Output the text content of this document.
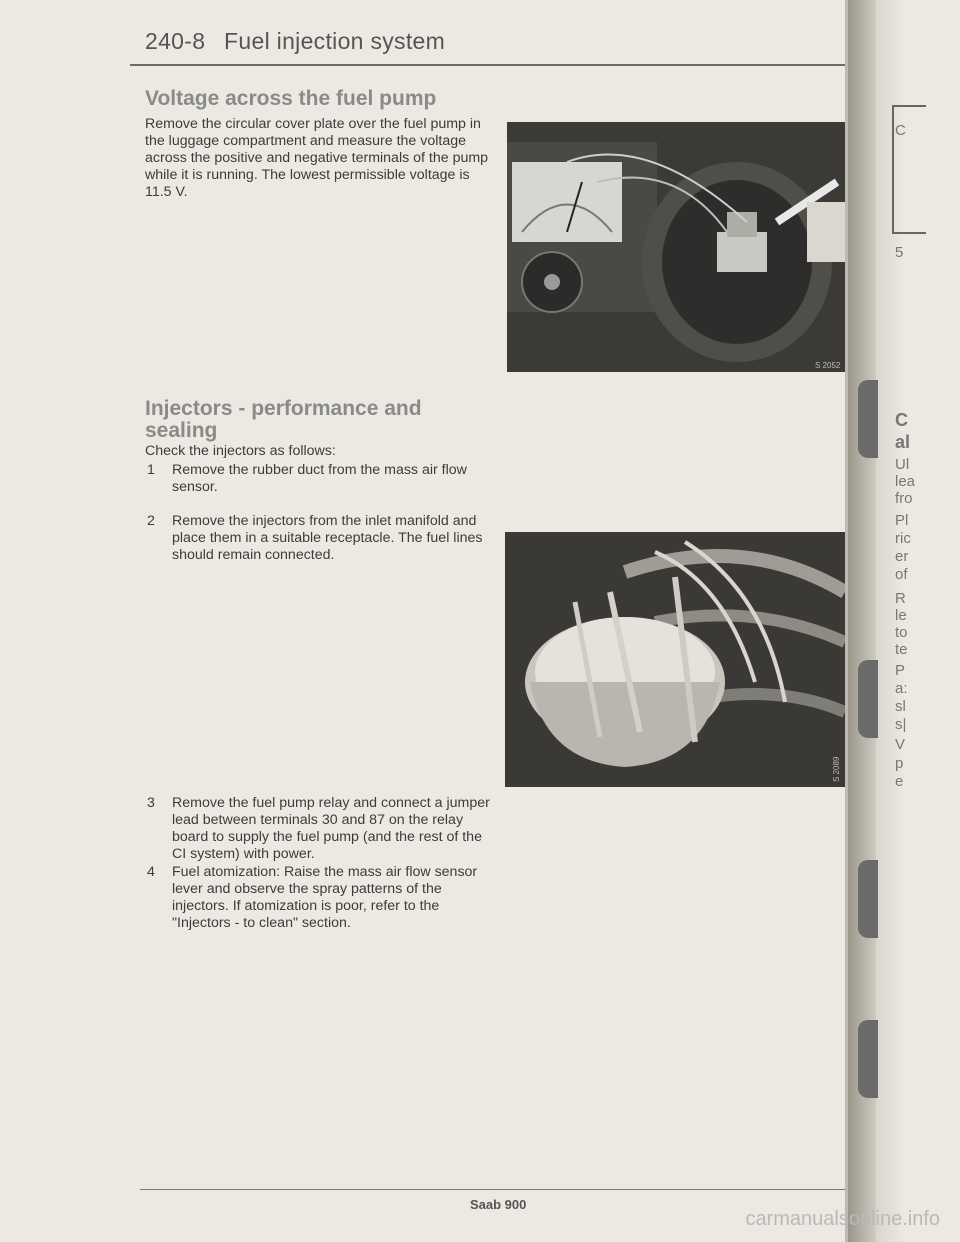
240-8 Fuel injection system
Voltage across the fuel pump
Remove the circular cover plate over the fuel pump in the luggage compartment and measure the voltage across the positive and negative terminals of the pump while it is running. The lowest permissible voltage is 11.5 V.
S 2052
Injectors - performance and
sealing
Check the injectors as follows:
1	Remove the rubber duct from the mass air flow sensor.
2	Remove the injectors from the inlet manifold and place them in a suitable receptacle. The fuel lines should remain connected.
S 2089
3	Remove the fuel pump relay and connect a jumper lead between terminals 30 and 87 on the relay board to supply the fuel pump (and the rest of the CI system) with power.
4	Fuel atomization: Raise the mass air flow sensor lever and observe the spray patterns of the injectors. If atomization is poor, refer to the "Injectors - to clean" section.
Saab 900
C
5
C
al
Ul
lea
fro
Pl
ric
er
of
R
le
to
te
P
a:
sl
s|
V
p
e
carmanualsonline.info
